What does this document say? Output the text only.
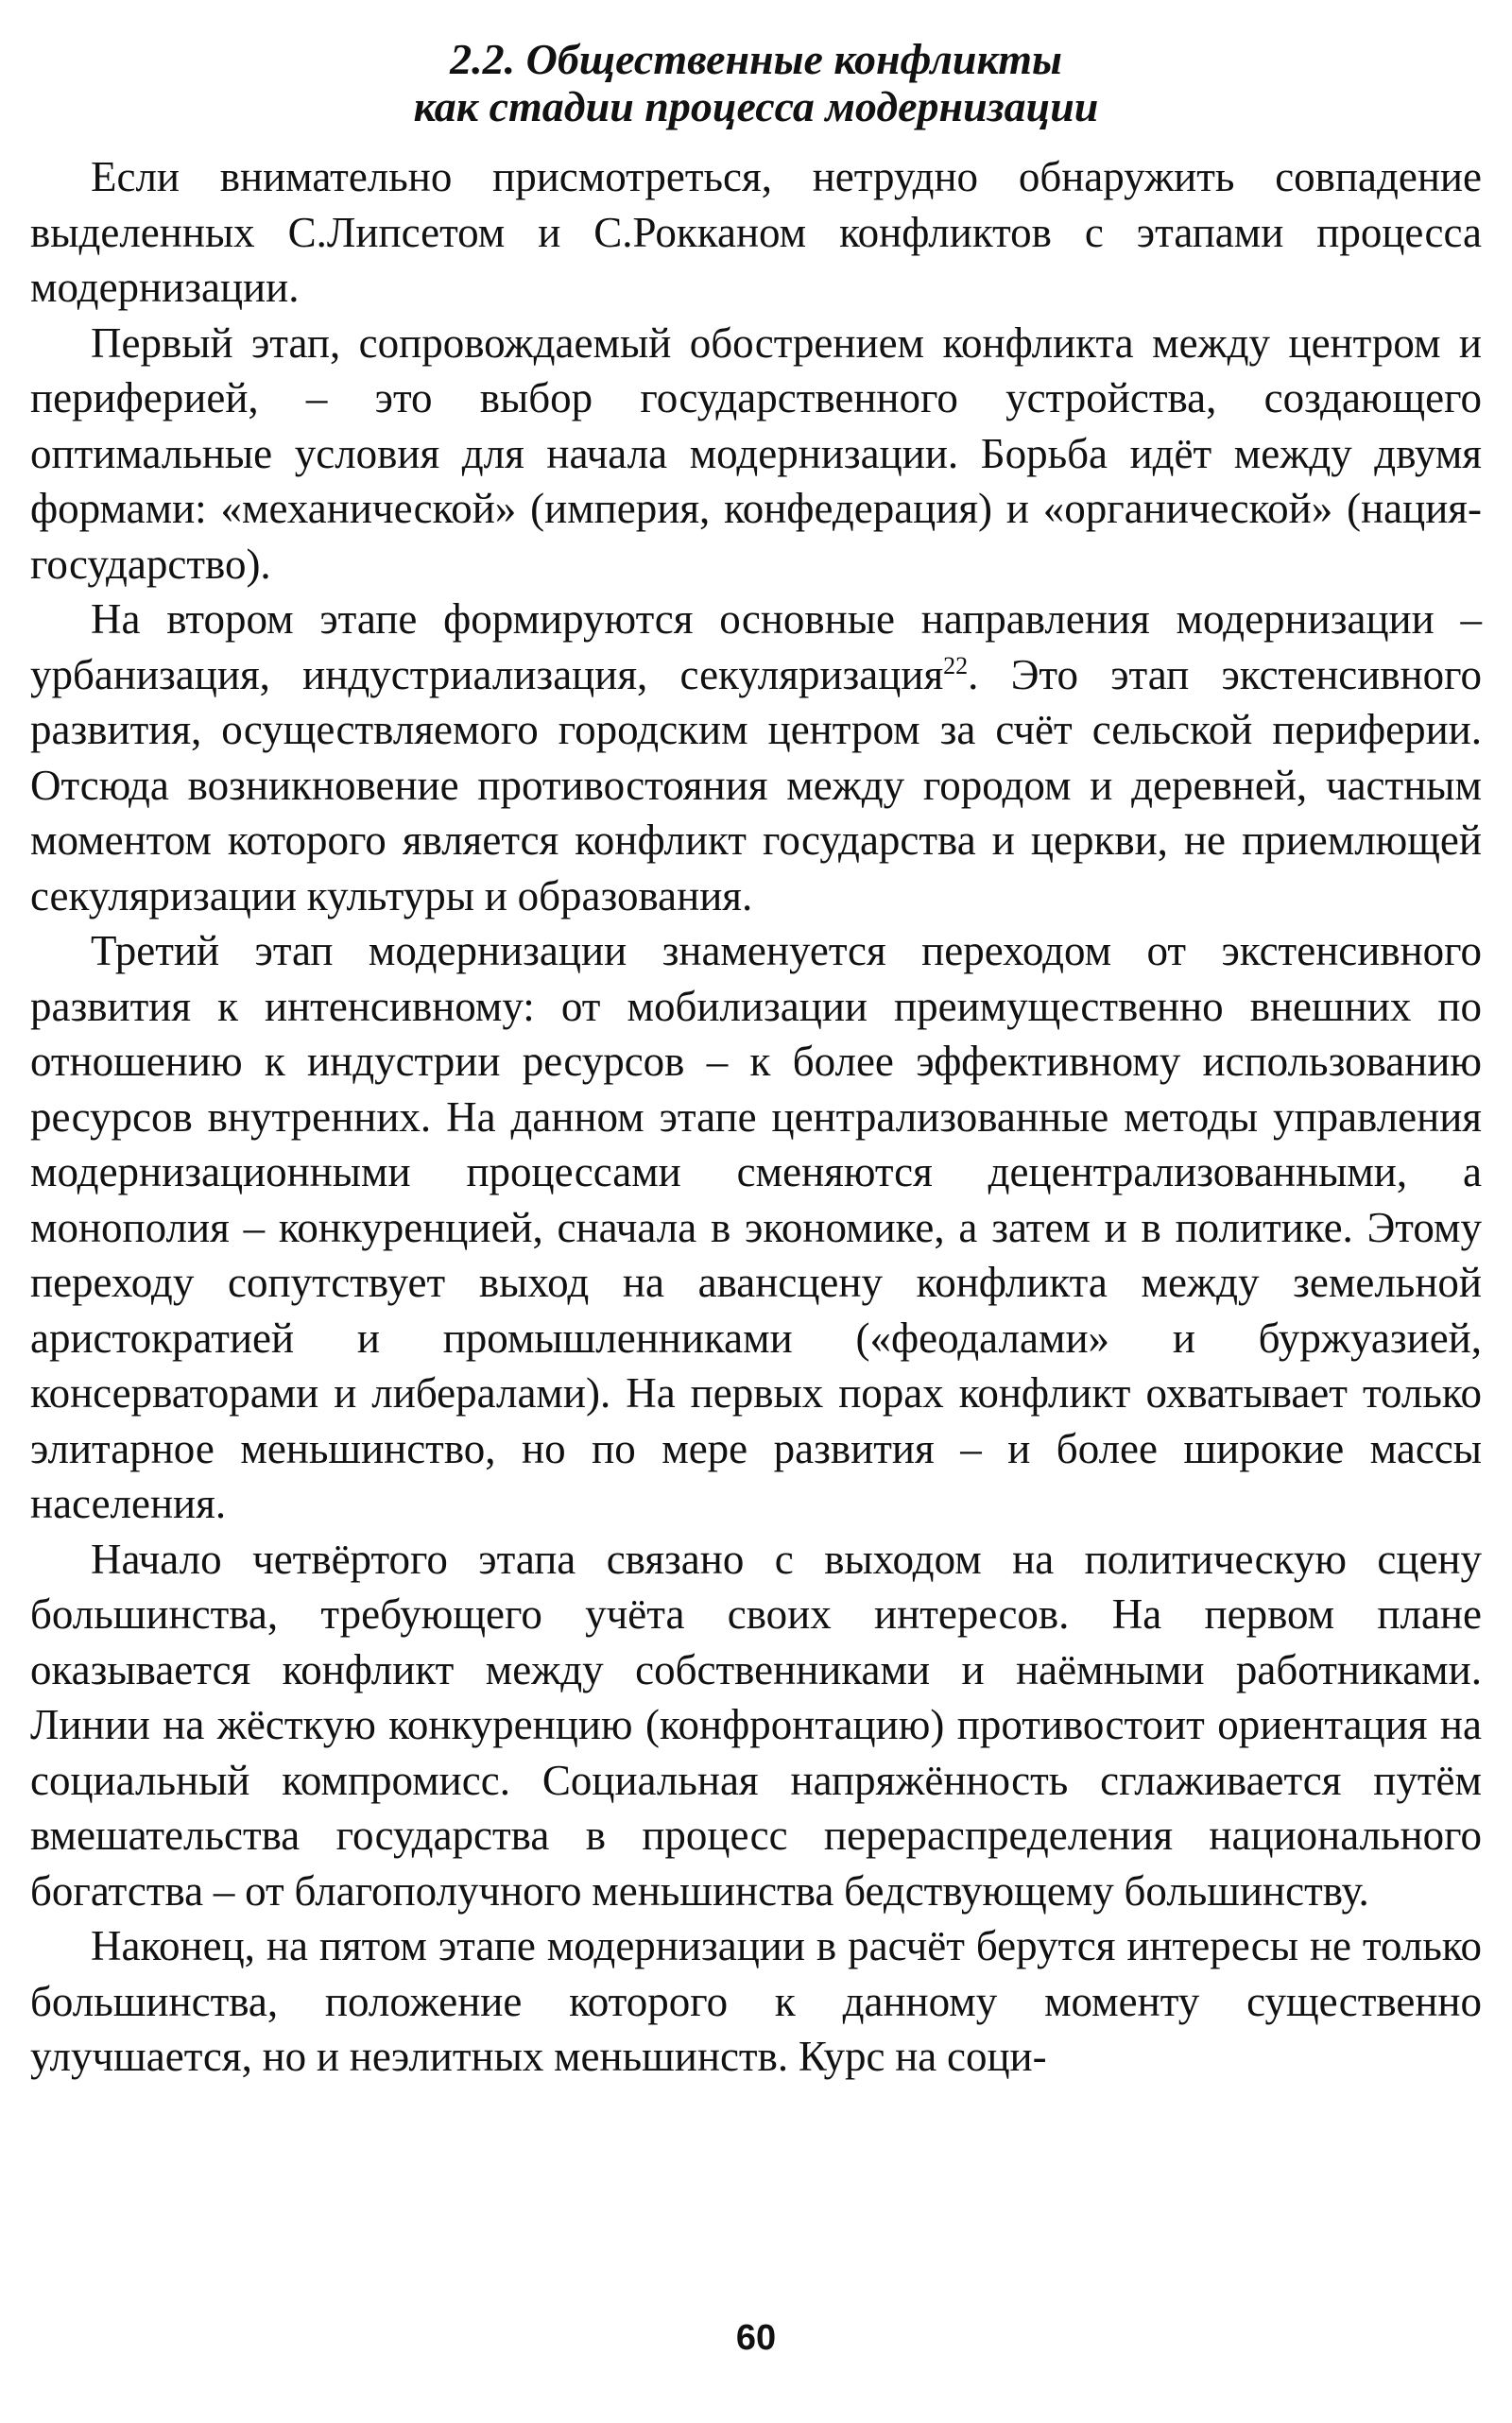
2.2. Общественные конфликты
как стадии процесса модернизации

Если внимательно присмотреться, нетрудно обнаружить совпадение выделенных С.Липсетом и С.Рокканом конфликтов с этапами процесса модернизации.

Первый этап, сопровождаемый обострением конфликта между центром и периферией, – это выбор государственного устройства, создающего оптимальные условия для начала модернизации. Борьба идёт между двумя формами: «механической» (империя, конфедерация) и «органической» (нация-государство).

На втором этапе формируются основные направления модернизации – урбанизация, индустриализация, секуляризация$^{22}$. Это этап экстенсивного развития, осуществляемого городским центром за счёт сельской периферии. Отсюда возникновение противостояния между городом и деревней, частным моментом которого является конфликт государства и церкви, не приемлющей секуляризации культуры и образования.

Третий этап модернизации знаменуется переходом от экстенсивного развития к интенсивному: от мобилизации преимущественно внешних по отношению к индустрии ресурсов – к более эффективному использованию ресурсов внутренних. На данном этапе централизованные методы управления модернизационными процессами сменяются децентрализованными, а монополия – конкуренцией, сначала в экономике, а затем и в политике. Этому переходу сопутствует выход на авансцену конфликта между земельной аристократией и промышленниками («феодалами» и буржуазией, консерваторами и либералами). На первых порах конфликт охватывает только элитарное меньшинство, но по мере развития – и более широкие массы населения.

Начало четвёртого этапа связано с выходом на политическую сцену большинства, требующего учёта своих интересов. На первом плане оказывается конфликт между собственниками и наёмными работниками. Линии на жёсткую конкуренцию (конфронтацию) противостоит ориентация на социальный компромисс. Социальная напряжённость сглаживается путём вмешательства государства в процесс перераспределения национального богатства – от благополучного меньшинства бедствующему большинству.

Наконец, на пятом этапе модернизации в расчёт берутся интересы не только большинства, положение которого к данному моменту существенно улучшается, но и неэлитных меньшинств. Курс на соци-

60
